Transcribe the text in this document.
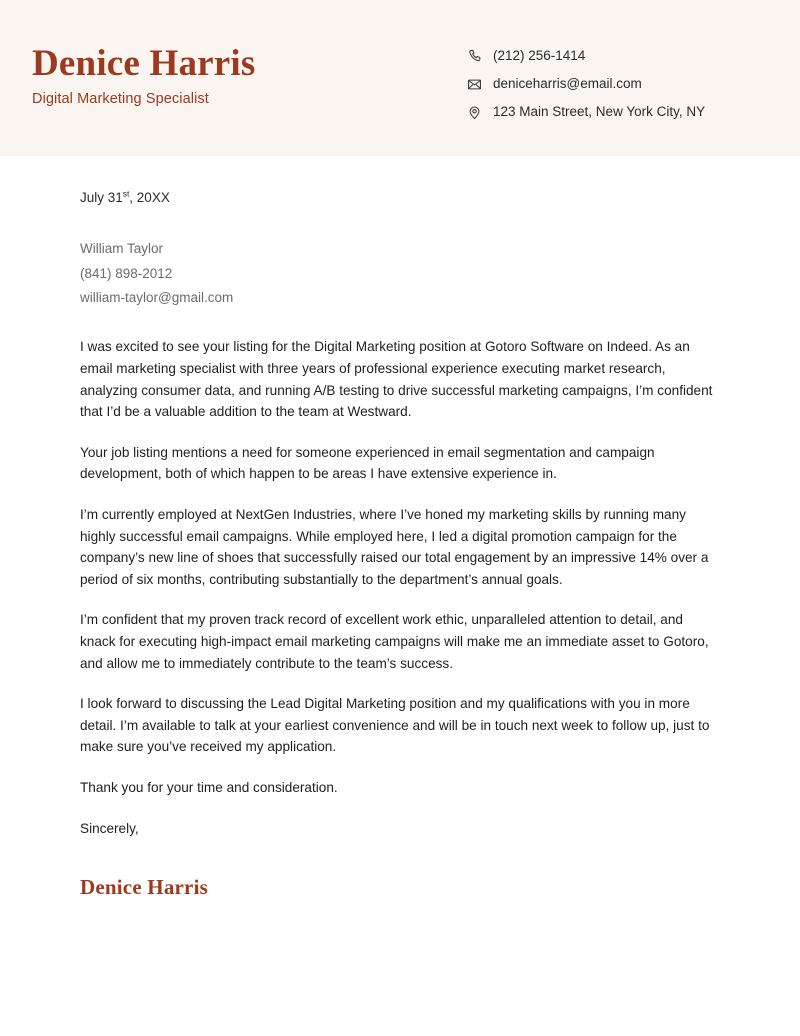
Denice Harris
Digital Marketing Specialist
(212) 256-1414
deniceharris@email.com
123 Main Street, New York City, NY
July 31st, 20XX
William Taylor
(841) 898-2012
william-taylor@gmail.com

I was excited to see your listing for the Digital Marketing position at Gotoro Software on Indeed. As an email marketing specialist with three years of professional experience executing market research, analyzing consumer data, and running A/B testing to drive successful marketing campaigns, I’m confident that I’d be a valuable addition to the team at Westward.

Your job listing mentions a need for someone experienced in email segmentation and campaign development, both of which happen to be areas I have extensive experience in.

I’m currently employed at NextGen Industries, where I’ve honed my marketing skills by running many highly successful email campaigns. While employed here, I led a digital promotion campaign for the company’s new line of shoes that successfully raised our total engagement by an impressive 14% over a period of six months, contributing substantially to the department’s annual goals.

I’m confident that my proven track record of excellent work ethic, unparalleled attention to detail, and knack for executing high-impact email marketing campaigns will make me an immediate asset to Gotoro, and allow me to immediately contribute to the team’s success.

I look forward to discussing the Lead Digital Marketing position and my qualifications with you in more detail. I’m available to talk at your earliest convenience and will be in touch next week to follow up, just to make sure you’ve received my application.

Thank you for your time and consideration.

Sincerely,

Denice Harris
